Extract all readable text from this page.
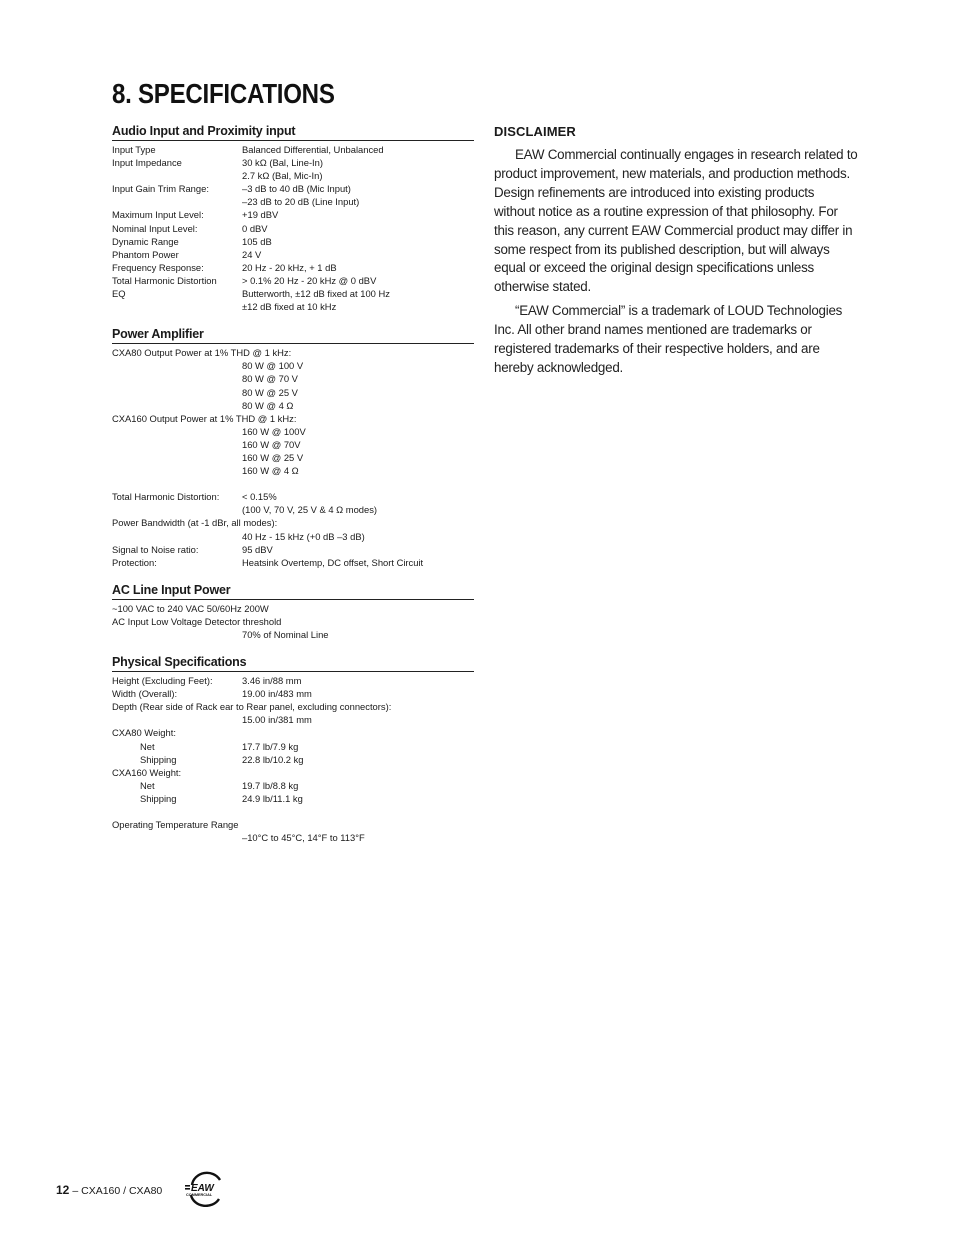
8. SPECIFICATIONS
Audio Input and Proximity input
Input Type	Balanced Differential, Unbalanced
Input Impedance	30 kΩ (Bal, Line-In)
2.7 kΩ (Bal, Mic-In)
Input Gain Trim Range:	–3 dB to 40 dB (Mic Input)
–23 dB to 20 dB (Line Input)
Maximum Input Level:	+19 dBV
Nominal Input Level:	0 dBV
Dynamic Range	105 dB
Phantom Power	24 V
Frequency Response:	20 Hz - 20 kHz, + 1 dB
Total Harmonic Distortion	> 0.1% 20 Hz - 20 kHz @ 0 dBV
EQ	Butterworth, ±12 dB fixed at 100 Hz
±12 dB fixed at 10 kHz
Power Amplifier
CXA80 Output Power at 1% THD @ 1 kHz:
80 W @ 100 V
80 W @ 70 V
80 W @ 25 V
80 W @ 4 Ω
CXA160 Output Power at 1% THD @ 1 kHz:
160 W @ 100V
160 W @ 70V
160 W @ 25 V
160 W @ 4 Ω
Total Harmonic Distortion:	< 0.15%
(100 V, 70 V, 25 V & 4 Ω modes)
Power Bandwidth (at -1 dBr, all modes):
40 Hz - 15 kHz (+0 dB –3 dB)
Signal to Noise ratio:	95 dBV
Protection:	Heatsink Overtemp, DC offset, Short Circuit
AC Line Input Power
~100 VAC to 240 VAC 50/60Hz 200W
AC Input Low Voltage Detector threshold
70% of Nominal Line
Physical Specifications
Height (Excluding Feet):	3.46 in/88 mm
Width (Overall):	19.00 in/483 mm
Depth (Rear side of Rack ear to Rear panel, excluding connectors):
15.00 in/381 mm
CXA80 Weight:
Net	17.7 lb/7.9 kg
Shipping	22.8 lb/10.2 kg
CXA160 Weight:
Net	19.7 lb/8.8 kg
Shipping	24.9 lb/11.1 kg
Operating Temperature Range
–10°C to 45°C, 14°F to 113°F
DISCLAIMER

EAW Commercial continually engages in research related to product improvement, new materials, and production methods. Design refinements are introduced into existing products without notice as a routine expression of that philosophy. For this reason, any current EAW Commercial product may differ in some respect from its published description, but will always equal or exceed the original design specifications unless otherwise stated.

“EAW Commercial” is a trademark of LOUD Technologies Inc. All other brand names mentioned are trademarks or registered trademarks of their respective holders, and are hereby acknowledged.

12 – CXA160 / CXA80	EAW
COMMERCIAL
